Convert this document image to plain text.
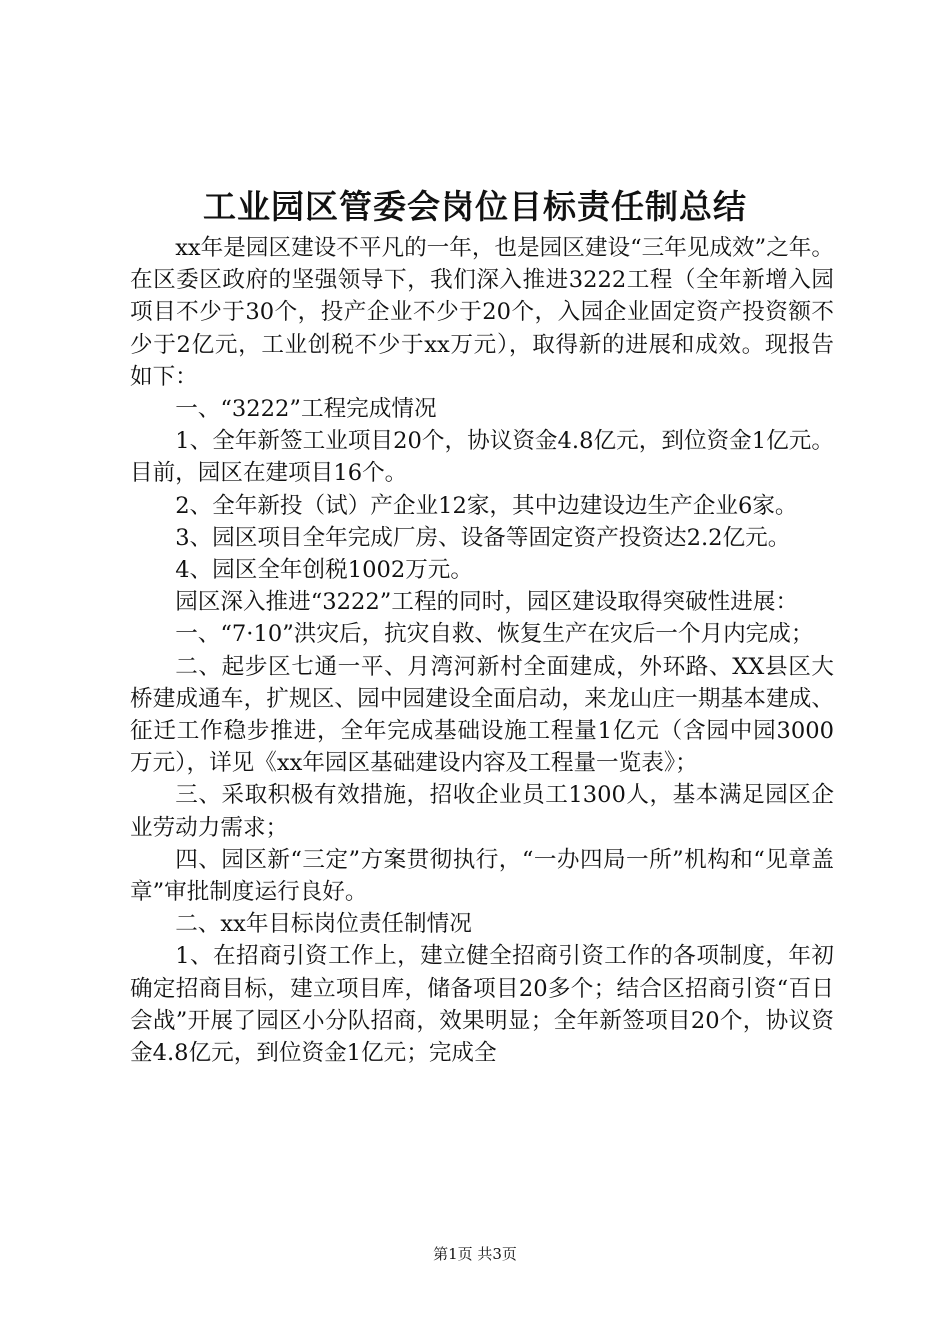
工业园区管委会岗位目标责任制总结

xx年是园区建设不平凡的一年，也是园区建设“三年见成效”之年。在区委区政府的坚强领导下，我们深入推进3222工程（全年新增入园项目不少于30个，投产企业不少于20个，入园企业固定资产投资额不少于2亿元，工业创税不少于xx万元），取得新的进展和成效。现报告如下：

一、“3222”工程完成情况

1、全年新签工业项目20个，协议资金4.8亿元，到位资金1亿元。目前，园区在建项目16个。

2、全年新投（试）产企业12家，其中边建设边生产企业6家。

3、园区项目全年完成厂房、设备等固定资产投资达2.2亿元。

4、园区全年创税1002万元。

园区深入推进“3222”工程的同时，园区建设取得突破性进展：

一、“7·10”洪灾后，抗灾自救、恢复生产在灾后一个月内完成；

二、起步区七通一平、月湾河新村全面建成，外环路、XX县区大桥建成通车，扩规区、园中园建设全面启动，来龙山庄一期基本建成、征迁工作稳步推进，全年完成基础设施工程量1亿元（含园中园3000万元），详见《xx年园区基础建设内容及工程量一览表》；

三、采取积极有效措施，招收企业员工1300人，基本满足园区企业劳动力需求；

四、园区新“三定”方案贯彻执行，“一办四局一所”机构和“见章盖章”审批制度运行良好。

二、xx年目标岗位责任制情况

1、在招商引资工作上，建立健全招商引资工作的各项制度，年初确定招商目标，建立项目库，储备项目20多个；结合区招商引资“百日会战”开展了园区小分队招商，效果明显；全年新签项目20个，协议资金4.8亿元，到位资金1亿元；完成全

第1页 共3页
